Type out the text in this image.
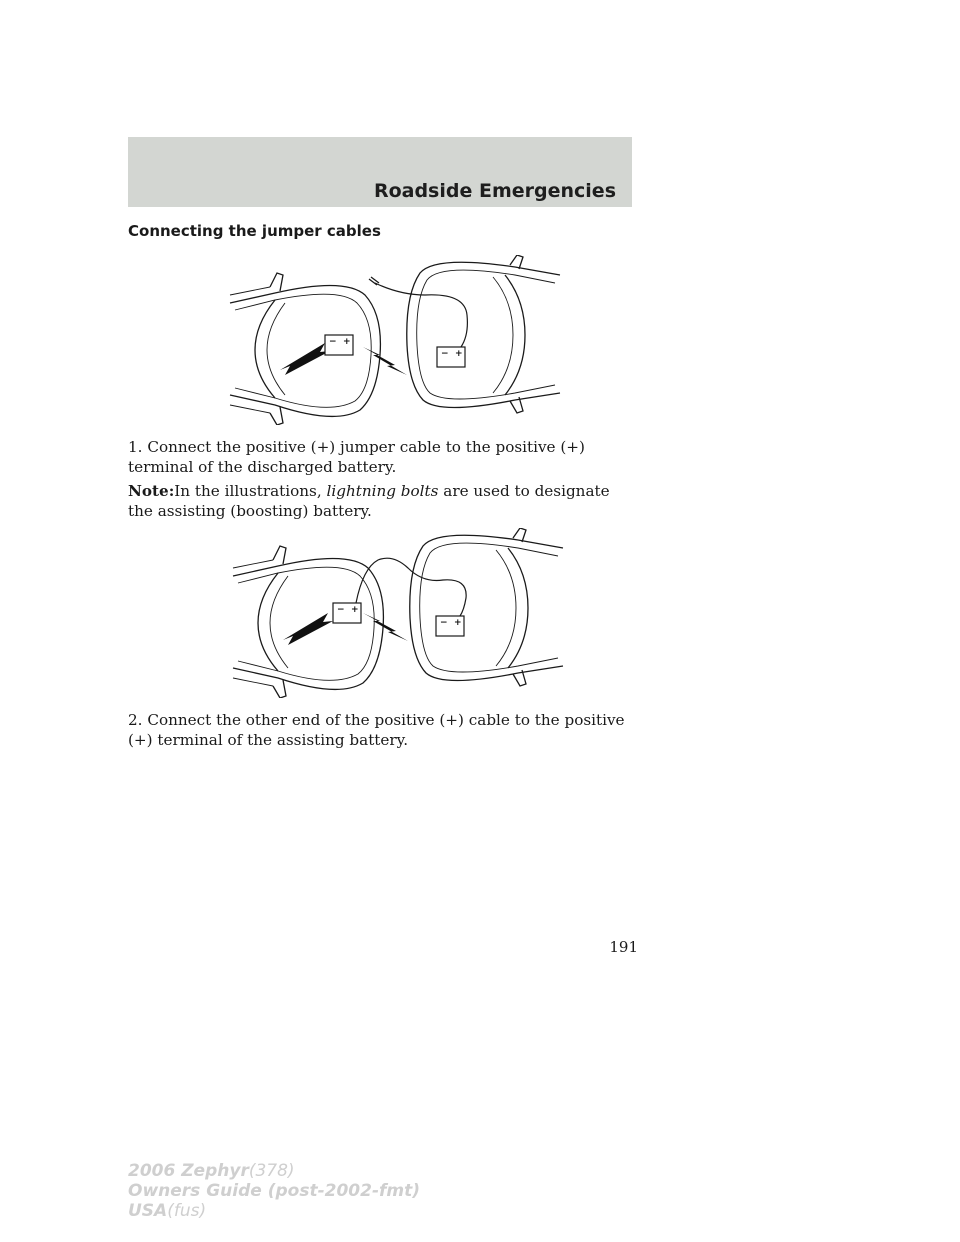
Roadside Emergencies
Connecting the jumper cables
− +
− +
1. Connect the positive (+) jumper cable to the positive (+) terminal of the discharged battery.

Note:In the illustrations, lightning bolts are used to designate the assisting (boosting) battery.

− +
− +
2. Connect the other end of the positive (+) cable to the positive (+) terminal of the assisting battery.
191
2006 Zephyr(378)
Owners Guide (post-2002-fmt)
USA(fus)
